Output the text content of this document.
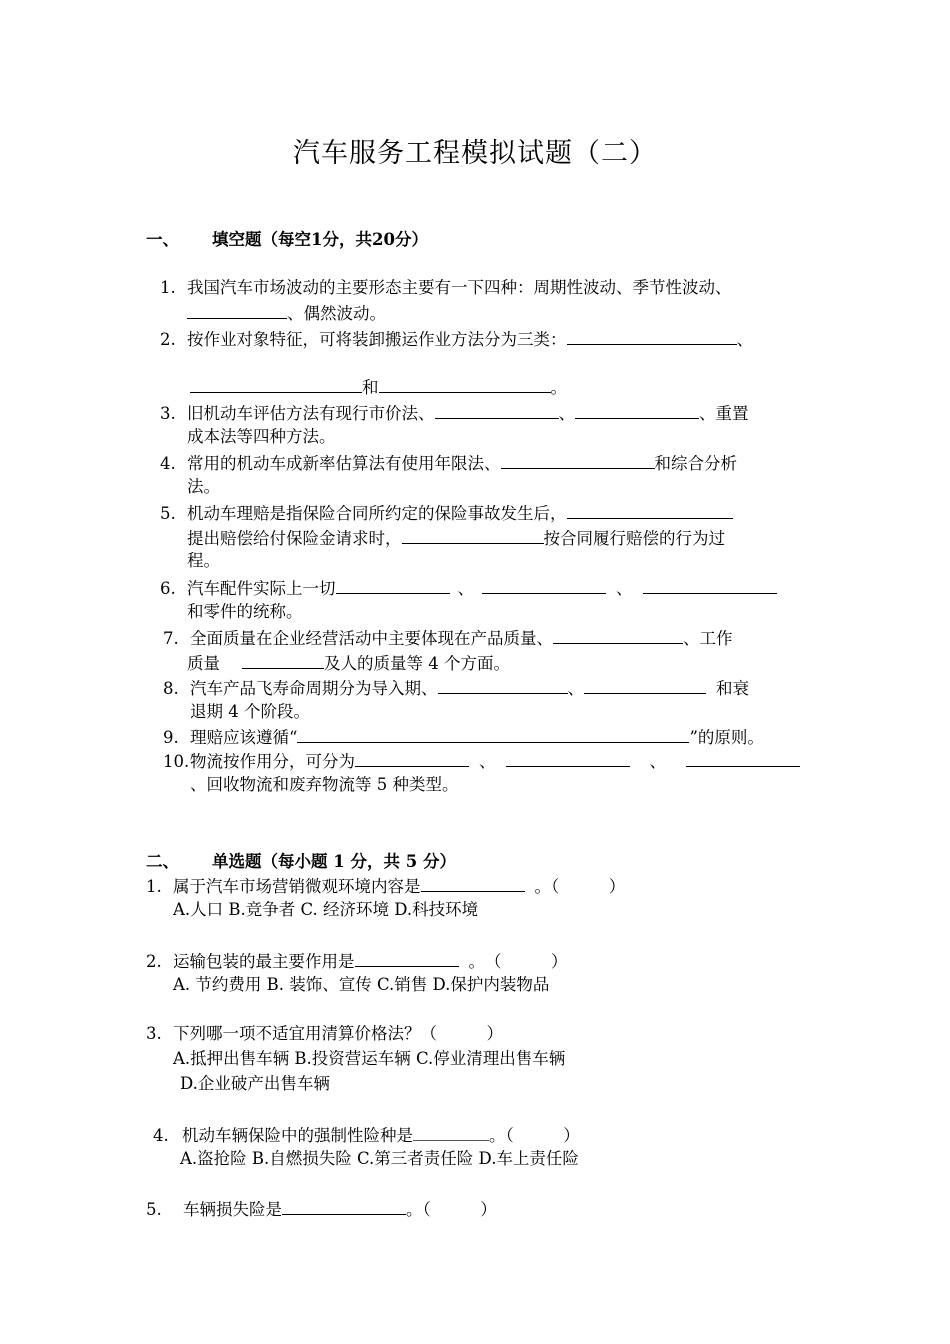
汽车服务工程模拟试题（二）
一、 填空题（每空1分，共20分）
1. 我国汽车市场波动的主要形态主要有一下四种：周期性波动、季节性波动、
、偶然波动。
2. 按作业对象特征，可将装卸搬运作业方法分为三类：	、
和	。
3. 旧机动车评估方法有现行市价法、	、	、重置
成本法等四种方法。
4. 常用的机动车成新率估算法有使用年限法、	和综合分析
法。
5. 机动车理赔是指保险合同所约定的保险事故发生后，
提出赔偿给付保险金请求时，	按合同履行赔偿的行为过
程。
6. 汽车配件实际上一切	、	、
和零件的统称。
7. 全面质量在企业经营活动中主要体现在产品质量、	、工作
质量	及人的质量等 4 个方面。
8. 汽车产品飞寿命周期分为导入期、	、	和衰
退期 4 个阶段。
9. 理赔应该遵循“	”的原则。
10.物流按作用分，可分为	、	、
、回收物流和废弃物流等 5 种类型。
二、 单选题（每小题 1 分，共 5 分）
1. 属于汽车市场营销微观环境内容是	。（　　　）
A.人口 B.竞争者 C. 经济环境 D.科技环境
2. 运输包装的最主要作用是	。　（　　　）
A. 节约费用 B. 装饰、宣传 C.销售 D.保护内装物品
3. 下列哪一项不适宜用清算价格法？（　　　）
A.抵押出售车辆 B.投资营运车辆 C.停业清理出售车辆
D.企业破产出售车辆
4. 机动车辆保险中的强制性险种是	。（　　　）
A.盗抢险 B.自燃损失险 C.第三者责任险 D.车上责任险
5. 车辆损失险是	。（　　　）
